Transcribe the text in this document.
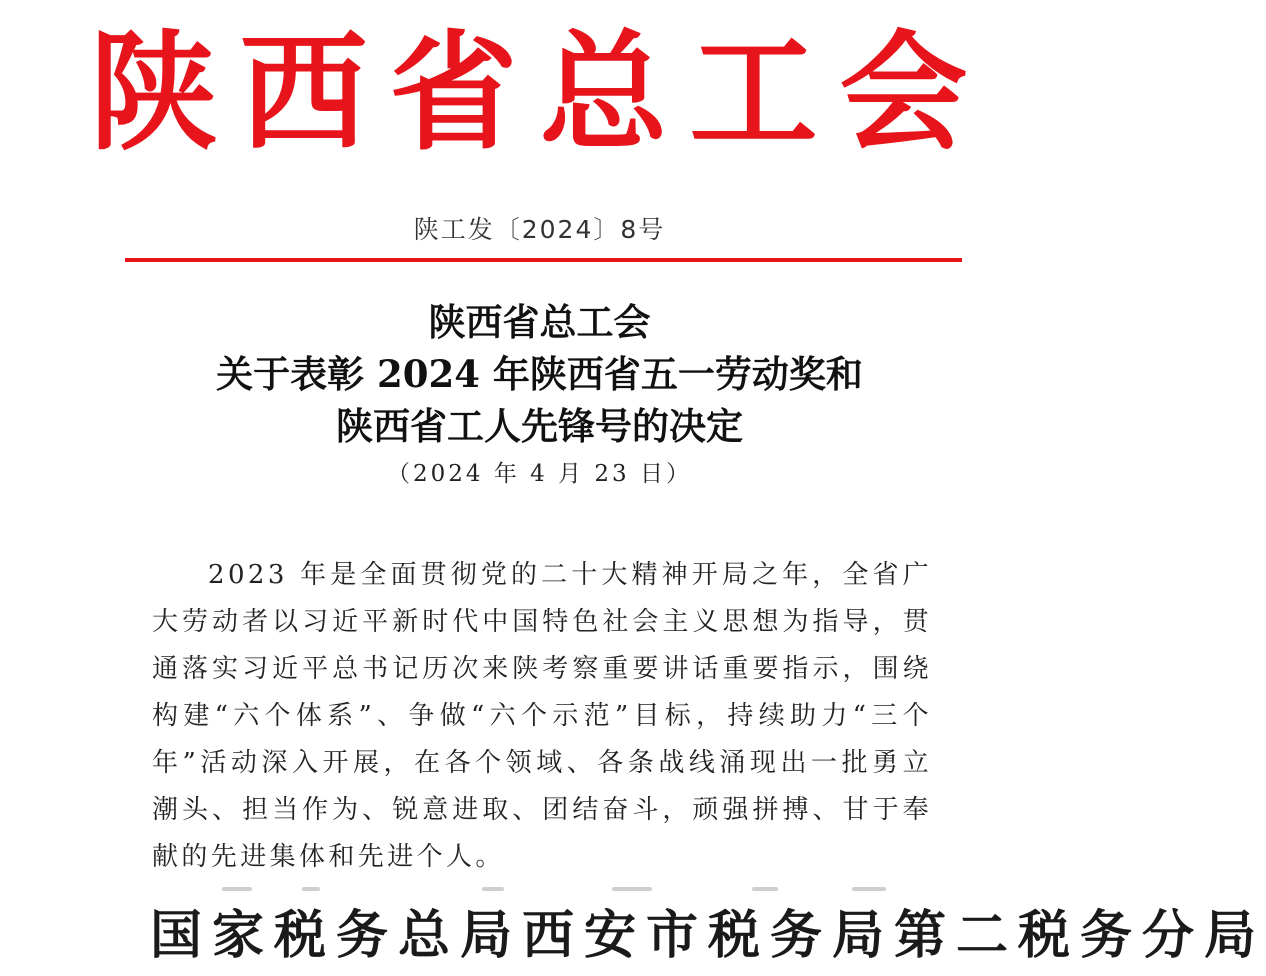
陕西省总工会
陕工发〔2024〕8号
陕西省总工会
关于表彰 2024 年陕西省五一劳动奖和
陕西省工人先锋号的决定
（2024 年 4 月 23 日）

2023 年是全面贯彻党的二十大精神开局之年，全省广大劳动者以习近平新时代中国特色社会主义思想为指导，贯通落实习近平总书记历次来陕考察重要讲话重要指示，围绕构建“六个体系”、争做“六个示范”目标，持续助力“三个年”活动深入开展，在各个领域、各条战线涌现出一批勇立潮头、担当作为、锐意进取、团结奋斗，顽强拼搏、甘于奉献的先进集体和先进个人。

国家税务总局西安市税务局第二税务分局
